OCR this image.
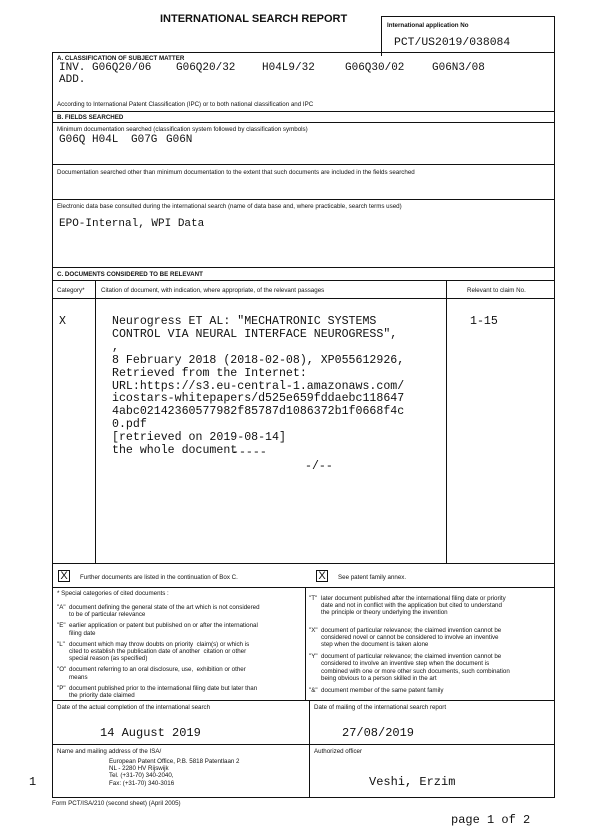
INTERNATIONAL SEARCH REPORT
International application No
PCT/US2019/038084
A. CLASSIFICATION OF SUBJECT MATTER
INV. G06Q20/06 G06Q20/32 H04L9/32	G06Q30/02	G06N3/08
ADD.
According to International Patent Classification (IPC) or to both national classification and IPC
B. FIELDS SEARCHED
Minimum documentation searched (classification system followed by classification symbols)
G06Q H04L G07G G06N
Documentation searched other than minimum documentation to the extent that such documents are included in the fields searched
Electronic data base consulted during the international search (name of data base and, where practicable, search terms used)
EPO-Internal, WPI Data
C. DOCUMENTS CONSIDERED TO BE RELEVANT
Category*	Citation of document, with indication, where appropriate, of the relevant passages	Relevant to claim No.
X	Neurogress ET AL: "MECHATRONIC SYSTEMS
CONTROL VIA NEURAL INTERFACE NEUROGRESS",
,
8 February 2018 (2018-02-08), XP055612926,
Retrieved from the Internet:
URL:https://s3.eu-central-1.amazonaws.com/
icostars-whitepapers/d525e659fddaebc118647
4abc02142360577982f85787d1086372b1f0668f4c
0.pdf
[retrieved on 2019-08-14]
the whole document
1-15
-----
-/--
X	Further documents are listed in the continuation of Box C.	X	See patent family annex.
* Special categories of cited documents :
"A" document defining the general state of the art which is not considered
to be of particular relevance
"E" earlier application or patent but published on or after the international
filing date
"L" document which may throw doubts on priority  claim(s) or which is
cited to establish the publication date of another  citation or other
special reason (as specified)
"O" document referring to an oral disclosure, use,  exhibition or other
means
"P" document published prior to the international filing date but later than
the priority date claimed
"T" later document published after the international filing date or priority
date and not in conflict with the application but cited to understand
the principle or theory underlying the invention
"X" document of particular relevance; the claimed invention cannot be
considered novel or cannot be considered to involve an inventive
step when the document is taken alone
"Y" document of particular relevance; the claimed invention cannot be
considered to involve an inventive step when the document is
combined with one or more other such documents, such combination
being obvious to a person skilled in the art
"&" document member of the same patent family
Date of the actual completion of the international search
14 August 2019
Date of mailing of the international search report
27/08/2019
Name and mailing address of the ISA/
European Patent Office, P.B. 5818 Patentlaan 2
NL - 2280 HV Rijswijk
Tel. (+31-70) 340-2040,
Fax: (+31-70) 340-3016
Authorized officer
Veshi, Erzim
1
Form PCT/ISA/210 (second sheet) (April 2005)
page 1 of 2
